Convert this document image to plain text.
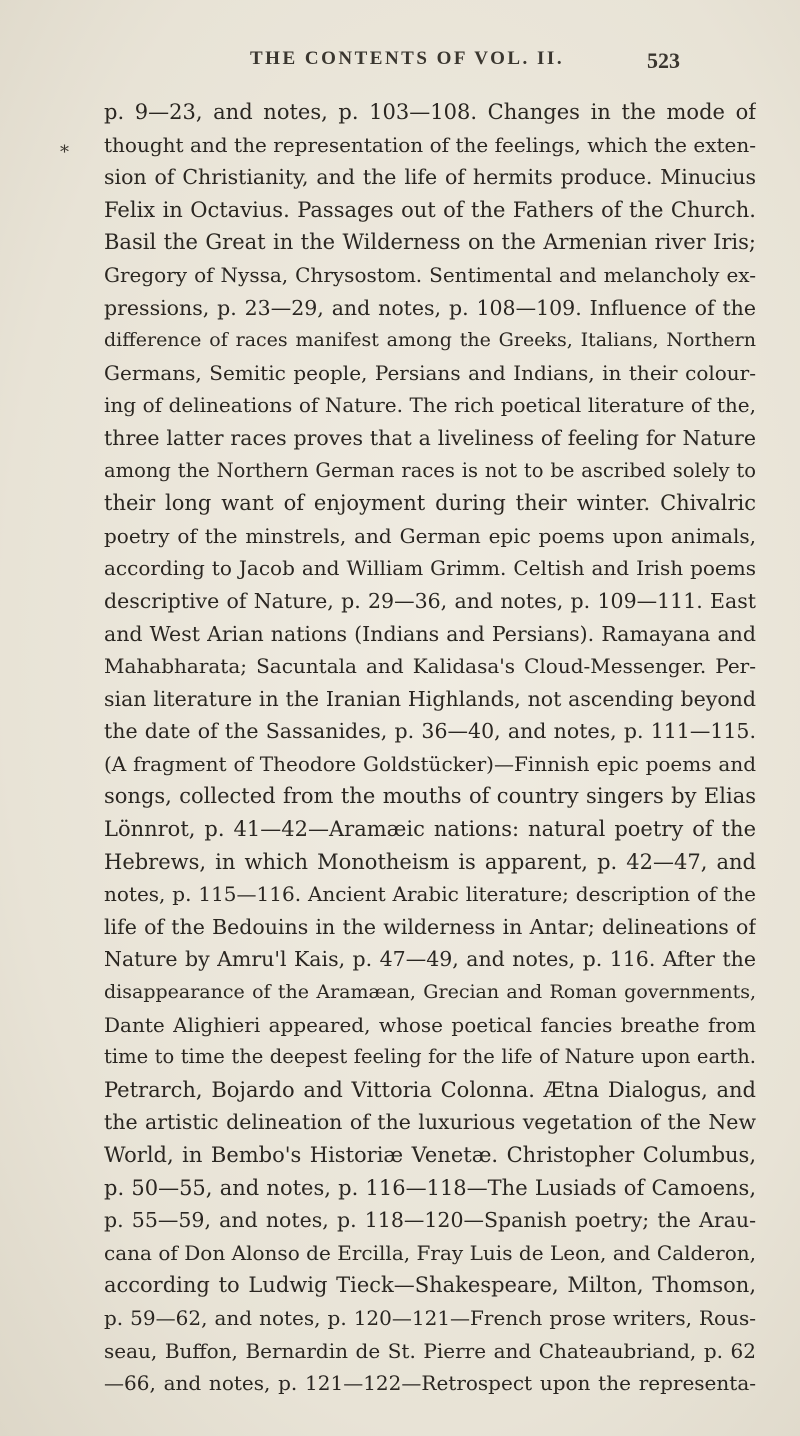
THE CONTENTS OF VOL. II.	523
*
p. 9—23, and notes, p. 103—108. Changes in the mode of
thought and the representation of the feelings, which the exten-
sion of Christianity, and the life of hermits produce. Minucius
Felix in Octavius. Passages out of the Fathers of the Church.
Basil the Great in the Wilderness on the Armenian river Iris;
Gregory of Nyssa, Chrysostom. Sentimental and melancholy ex-
pressions, p. 23—29, and notes, p. 108—109. Influence of the
difference of races manifest among the Greeks, Italians, Northern
Germans, Semitic people, Persians and Indians, in their colour-
ing of delineations of Nature. The rich poetical literature of the,
three latter races proves that a liveliness of feeling for Nature
among the Northern German races is not to be ascribed solely to
their long want of enjoyment during their winter. Chivalric
poetry of the minstrels, and German epic poems upon animals,
according to Jacob and William Grimm. Celtish and Irish poems
descriptive of Nature, p. 29—36, and notes, p. 109—111. East
and West Arian nations (Indians and Persians). Ramayana and
Mahabharata; Sacuntala and Kalidasa's Cloud-Messenger. Per-
sian literature in the Iranian Highlands, not ascending beyond
the date of the Sassanides, p. 36—40, and notes, p. 111—115.
(A fragment of Theodore Goldstücker)—Finnish epic poems and
songs, collected from the mouths of country singers by Elias
Lönnrot, p. 41—42—Aramæic nations: natural poetry of the
Hebrews, in which Monotheism is apparent, p. 42—47, and
notes, p. 115—116. Ancient Arabic literature; description of the
life of the Bedouins in the wilderness in Antar; delineations of
Nature by Amru'l Kais, p. 47—49, and notes, p. 116. After the
disappearance of the Aramæan, Grecian and Roman governments,
Dante Alighieri appeared, whose poetical fancies breathe from
time to time the deepest feeling for the life of Nature upon earth.
Petrarch, Bojardo and Vittoria Colonna. Ætna Dialogus, and
the artistic delineation of the luxurious vegetation of the New
World, in Bembo's Historiæ Venetæ. Christopher Columbus,
p. 50—55, and notes, p. 116—118—The Lusiads of Camoens,
p. 55—59, and notes, p. 118—120—Spanish poetry; the Arau-
cana of Don Alonso de Ercilla, Fray Luis de Leon, and Calderon,
according to Ludwig Tieck—Shakespeare, Milton, Thomson,
p. 59—62, and notes, p. 120—121—French prose writers, Rous-
seau, Buffon, Bernardin de St. Pierre and Chateaubriand, p. 62
—66, and notes, p. 121—122—Retrospect upon the representa-
